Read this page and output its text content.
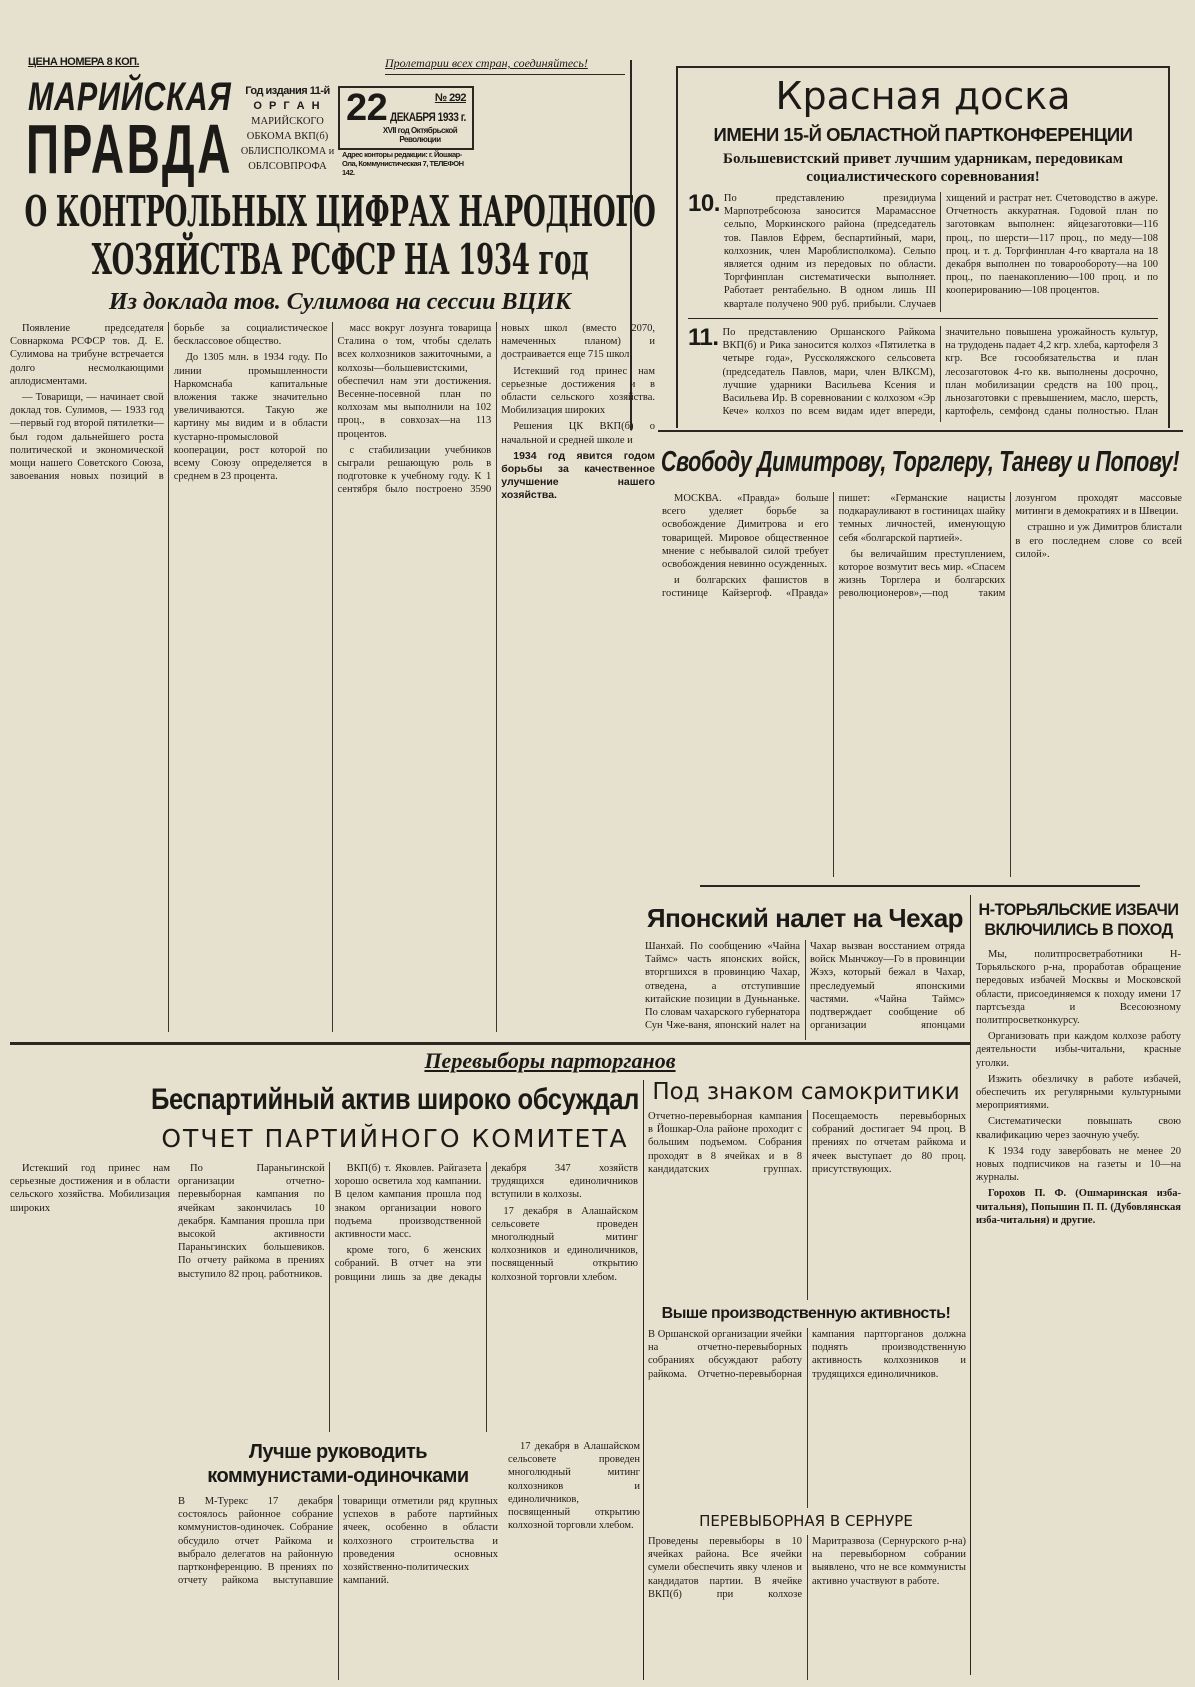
ЦЕНА НОМЕРА 8 КОП.	Пролетарии всех стран, соединяйтесь!
МАРИЙСКАЯ
ПРАВДА
Год издания 11-й
О Р Г А Н
МАРИЙСКОГО
ОБКОМА ВКП(б)
ОБЛИСПОЛКОМА и
ОБЛСОВПРОФА
22	№ 292
ДЕКАБРЯ 1933 г.
XVII год Октябрьской Революции
Адрес конторы редакции: г. Йошкар-Ола, Коммунистическая 7, ТЕЛЕФОН 142.
Красная доска
ИМЕНИ 15-Й ОБЛАСТНОЙ ПАРТКОНФЕРЕНЦИИ
Большевистский привет лучшим ударникам, передовикам социалистического соревнования!
10. По представлению президиума Марпотребсоюза заносится Марамассное сельпо, Моркинского района (председатель тов. Павлов Ефрем, беспартийный, мари, колхозник, член Мароблисполкома). Сельпо является одним из передовых по области. Торгфинплан систематически выполняет. Работает рентабельно. В одном лишь III квартале получено 900 руб. прибыли. Случаев хищений и растрат нет. Счетоводство в ажуре. Отчетность аккуратная. Годовой план по заготовкам выполнен: яйцезаготовки—116 проц., по шерсти—117 проц., по меду—108 проц. и т. д. Торгфинплан 4-го квартала на 18 декабря выполнен по товарообороту—на 100 проц., по паенакоплению—100 проц. и по кооперированию—108 процентов.
11. По представлению Оршанского Райкома ВКП(б) и Рика заносится колхоз «Пятилетка в четыре года», Руссколяжского сельсовета (председатель Павлов, мари, член ВЛКСМ), лучшие ударники Васильева Ксения и Васильева Ир. В соревновании с колхозом «Эр Кече» колхоз по всем видам идет впереди, значительно повышена урожайность культур, на трудодень падает 4,2 кгр. хлеба, картофеля 3 кгр. Все госообязательства и план лесозаготовок 4-го кв. выполнены досрочно, план мобилизации средств на 100 проц., льнозаготовки с превышением, масло, шерсть, картофель, семфонд сданы полностью. План
О КОНТРОЛЬНЫХ ЦИФРАХ НАРОДНОГО ХОЗЯЙСТВА РСФСР НА 1934 год
Из доклада тов. Сулимова на сессии ВЦИК

Появление председателя Совнаркома РСФСР тов. Д. Е. Сулимова на трибуне встречается долго несмолкающими аплодисментами.

— Товарищи, — начинает свой доклад тов. Сулимов, — 1933 год—первый год второй пятилетки—был годом дальнейшего роста политической и экономической мощи нашего Советского Союза, завоевания новых позиций в борьбе за социалистическое бесклассовое общество.

До 1305 млн. в 1934 году. По линии промышленности Наркомснаба капитальные вложения также значительно увеличиваются. Такую же картину мы видим и в области кустарно-промысловой кооперации, рост которой по всему Союзу определяется в среднем в 23 процента.

масс вокруг лозунга товарища Сталина о том, чтобы сделать всех колхозников зажиточными, а колхозы—большевистскими, обеспечил нам эти достижения. Весенне-посевной план по колхозам мы выполнили на 102 проц., в совхозах—на 113 процентов.

с стабилизации учебников сыграли решающую роль в подготовке к учебному году. К 1 сентября было построено 3590 новых школ (вместо 2070, намеченных планом) и достраивается еще 715 школ.

Истекший год принес нам серьезные достижения и в области сельского хозяйства. Мобилизация широких

Решения ЦК ВКП(б) о начальной и средней школе и

1934 год явится годом борьбы за качественное улучшение нашего хозяйства.

Свободу Димитрову, Торглеру, Таневу и Попову!

МОСКВА. «Правда» больше всего уделяет борьбе за освобождение Димитрова и его товарищей. Мировое общественное мнение с небывалой силой требует освобождения невинно осужденных.

и болгарских фашистов в гостинице Кайзергоф. «Правда» пишет: «Германские нацисты подкарауливают в гостиницах шайку темных личностей, именующую себя «болгарской партией».

бы величайшим преступлением, которое возмутит весь мир. «Спасем жизнь Торглера и болгарских революционеров»,—под таким лозунгом проходят массовые митинги в демократиях и в Швеции.

страшно и уж Димитров блистали в его последнем слове со всей силой».

Японский налет на Чехар
Шанхай. По сообщению «Чайна Таймс» часть японских войск, вторгшихся в провинцию Чахар, отведена, а отступившие китайские позиции в Дуньнаньке. По словам чахарского губернатора Сун Чже-ваня, японский налет на Чахар вызван восстанием отряда войск Мынчжоу—Го в провинции Жэхэ, который бежал в Чахар, преследуемый японскими частями. «Чайна Таймс» подтверждает сообщение об организации японцами
Н-ТОРЬЯЛЬСКИЕ ИЗБАЧИ ВКЛЮЧИЛИСЬ В ПОХОД

Мы, политпросветработники Н-Торьяльского р-на, проработав обращение передовых избачей Москвы и Московской области, присоединяемся к походу имени 17 партсъезда и Всесоюзному политпросветконкурсу.

Организовать при каждом колхозе работу деятельности избы-читальни, красные уголки.

Изжить обезличку в работе избачей, обеспечить их регулярными культурными мероприятиями.

Систематически повышать свою квалификацию через заочную учебу.

К 1934 году завербовать не менее 20 новых подписчиков на газеты и 10—на журналы.

Горохов П. Ф. (Ошмаринская изба-читальня), Попышин П. П. (Дубовлянская изба-читальня) и другие.

Перевыборы парторганов
Беспартийный актив широко обсуждал
ОТЧЕТ ПАРТИЙНОГО КОМИТЕТА

Истекший год принес нам серьезные достижения и в области сельского хозяйства. Мобилизация широких

По Параньгинской организации отчетно-перевыборная кампания по ячейкам закончилась 10 декабря. Кампания прошла при высокой активности Параньгинских большевиков. По отчету райкома в прениях выступило 82 проц. работников.

ВКП(б) т. Яковлев. Райгазета хорошо осветила ход кампании. В целом кампания прошла под знаком организации нового подъема производственной активности масс.

кроме того, 6 женских собраний. В отчет на эти ровщини лишь за две декады декабря 347 хозяйств трудящихся единоличников вступили в колхозы.

17 декабря в Алашайском сельсовете проведен многолюдный митинг колхозников и единоличников, посвященный открытию колхозной торговли хлебом.

Лучше руководить коммунистами-одиночками
В М-Турекс 17 декабря состоялось районное собрание коммунистов-одиночек. Собрание обсудило отчет Райкома и выбрало делегатов на районную партконференцию. В прениях по отчету райкома выступавшие товарищи отметили ряд крупных успехов в работе партийных ячеек, особенно в области колхозного строительства и проведения основных хозяйственно-политических кампаний.

17 декабря в Алашайском сельсовете проведен многолюдный митинг колхозников и единоличников, посвященный открытию колхозной торговли хлебом.

Под знаком самокритики
Отчетно-перевыборная кампания в Йошкар-Ола районе проходит с большим подъемом. Собрания проходят в 8 ячейках и в 8 кандидатских группах. Посещаемость перевыборных собраний достигает 94 проц. В прениях по отчетам райкома и ячеек выступает до 80 проц. присутствующих.
Выше производственную активность!
В Оршанской организации ячейки на отчетно-перевыборных собраниях обсуждают работу райкома. Отчетно-перевыборная кампания партгорганов должна поднять производственную активность колхозников и трудящихся единоличников.
ПЕРЕВЫБОРНАЯ В СЕРНУРЕ
Проведены перевыборы в 10 ячейках района. Все ячейки сумели обеспечить явку членов и кандидатов партии. В ячейке ВКП(б) при колхозе Маритразвоза (Сернурского р-на) на перевыборном собрании выявлено, что не все коммунисты активно участвуют в работе.
